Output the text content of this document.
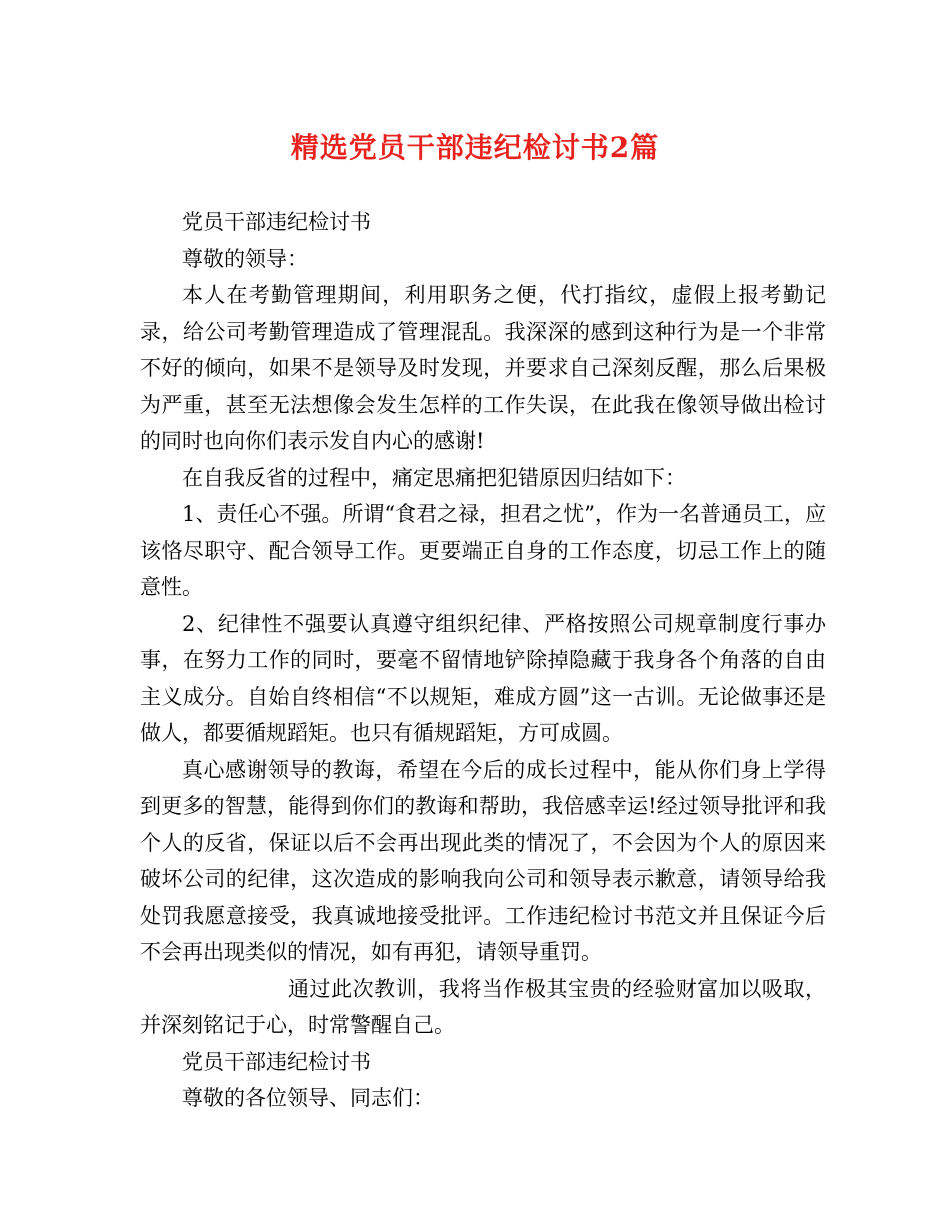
精选党员干部违纪检讨书2篇

党员干部违纪检讨书

尊敬的领导：

本人在考勤管理期间，利用职务之便，代打指纹，虚假上报考勤记录，给公司考勤管理造成了管理混乱。我深深的感到这种行为是一个非常不好的倾向，如果不是领导及时发现，并要求自己深刻反醒，那么后果极为严重，甚至无法想像会发生怎样的工作失误，在此我在像领导做出检讨的同时也向你们表示发自内心的感谢!

在自我反省的过程中，痛定思痛把犯错原因归结如下：

1、责任心不强。所谓“食君之禄，担君之忧”，作为一名普通员工，应该恪尽职守、配合领导工作。更要端正自身的工作态度，切忌工作上的随意性。

2、纪律性不强要认真遵守组织纪律、严格按照公司规章制度行事办事，在努力工作的同时，要毫不留情地铲除掉隐藏于我身各个角落的自由主义成分。自始自终相信“不以规矩，难成方圆”这一古训。无论做事还是做人，都要循规蹈矩。也只有循规蹈矩，方可成圆。

真心感谢领导的教诲，希望在今后的成长过程中，能从你们身上学得到更多的智慧，能得到你们的教诲和帮助，我倍感幸运!经过领导批评和我个人的反省，保证以后不会再出现此类的情况了，不会因为个人的原因来破坏公司的纪律，这次造成的影响我向公司和领导表示歉意，请领导给我处罚我愿意接受，我真诚地接受批评。工作违纪检讨书范文并且保证今后不会再出现类似的情况，如有再犯，请领导重罚。

通过此次教训，我将当作极其宝贵的经验财富加以吸取，并深刻铭记于心，时常警醒自己。

党员干部违纪检讨书

尊敬的各位领导、同志们：
